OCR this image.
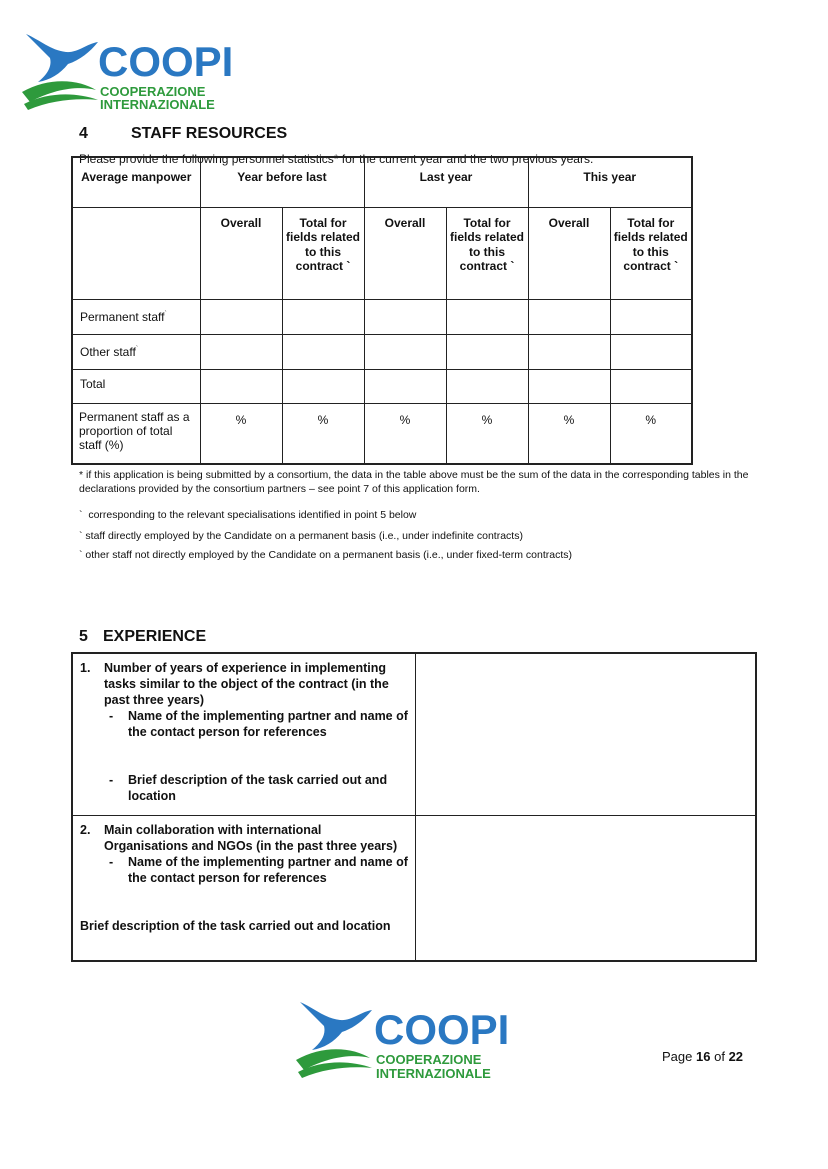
COOPI
COOPERAZIONE
INTERNAZIONALE
4	STAFF RESOURCES
Please provide the following personnel statistics* for the current year and the two previous years.
Average manpower	Year before last		Last year		This year	
	Overall	Total for fields related to this contract `	Overall	Total for fields related to this contract `	Overall	Total for fields related to this contract `
Permanent staff`						
Other staff`						
Total						
Permanent staff as a proportion of total staff (%)	%	%	%	%	%	%
* if this application is being submitted by a consortium, the data in the table above must be the sum of the data in the corresponding tables in the declarations provided by the consortium partners – see point 7 of this application form.
` corresponding to the relevant specialisations identified in point 5 below
` staff directly employed by the Candidate on a permanent basis (i.e., under indefinite contracts)
` other staff not directly employed by the Candidate on a permanent basis (i.e., under fixed-term contracts)
5 EXPERIENCE
1. Number of years of experience in implementing tasks similar to the object of the contract (in the past three years)
- Name of the implementing partner and name of the contact person for references
- Brief description of the task carried out and location	

2. Main collaboration with international Organisations and NGOs (in the past three years)
- Name of the implementing partner and name of the contact person for references
Brief description of the task carried out and location	

COOPI
COOPERAZIONE
INTERNAZIONALE
Page 16 of 22
